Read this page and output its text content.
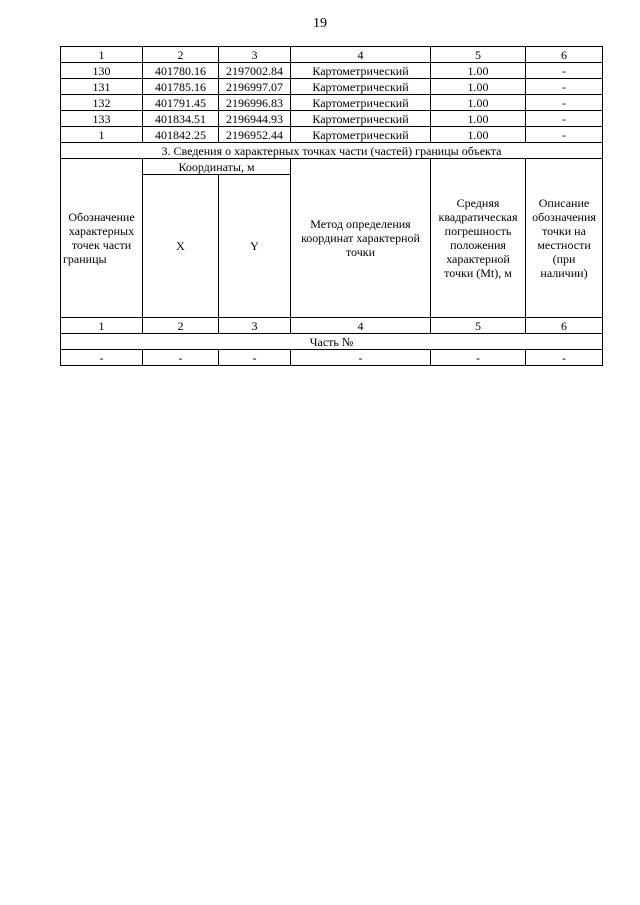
19
1	2	3	4	5	6
130	401780.16	2197002.84	Картометрический	1.00	-
131	401785.16	2196997.07	Картометрический	1.00	-
132	401791.45	2196996.83	Картометрический	1.00	-
133	401834.51	2196944.93	Картометрический	1.00	-
1	401842.25	2196952.44	Картометрический	1.00	-
3. Сведения о характерных точках части (частей) границы объекта					
Обозначение характерных точек части границы	Координаты, м		Метод определения координат характерной точки	Средняя квадратическая погрешность положения характерной точки (Mt), м	Описание обозначения точки на местности (при наличии)
	X	Y			
1	2	3	4	5	6
Часть №					
-	-	-	-	-	-
